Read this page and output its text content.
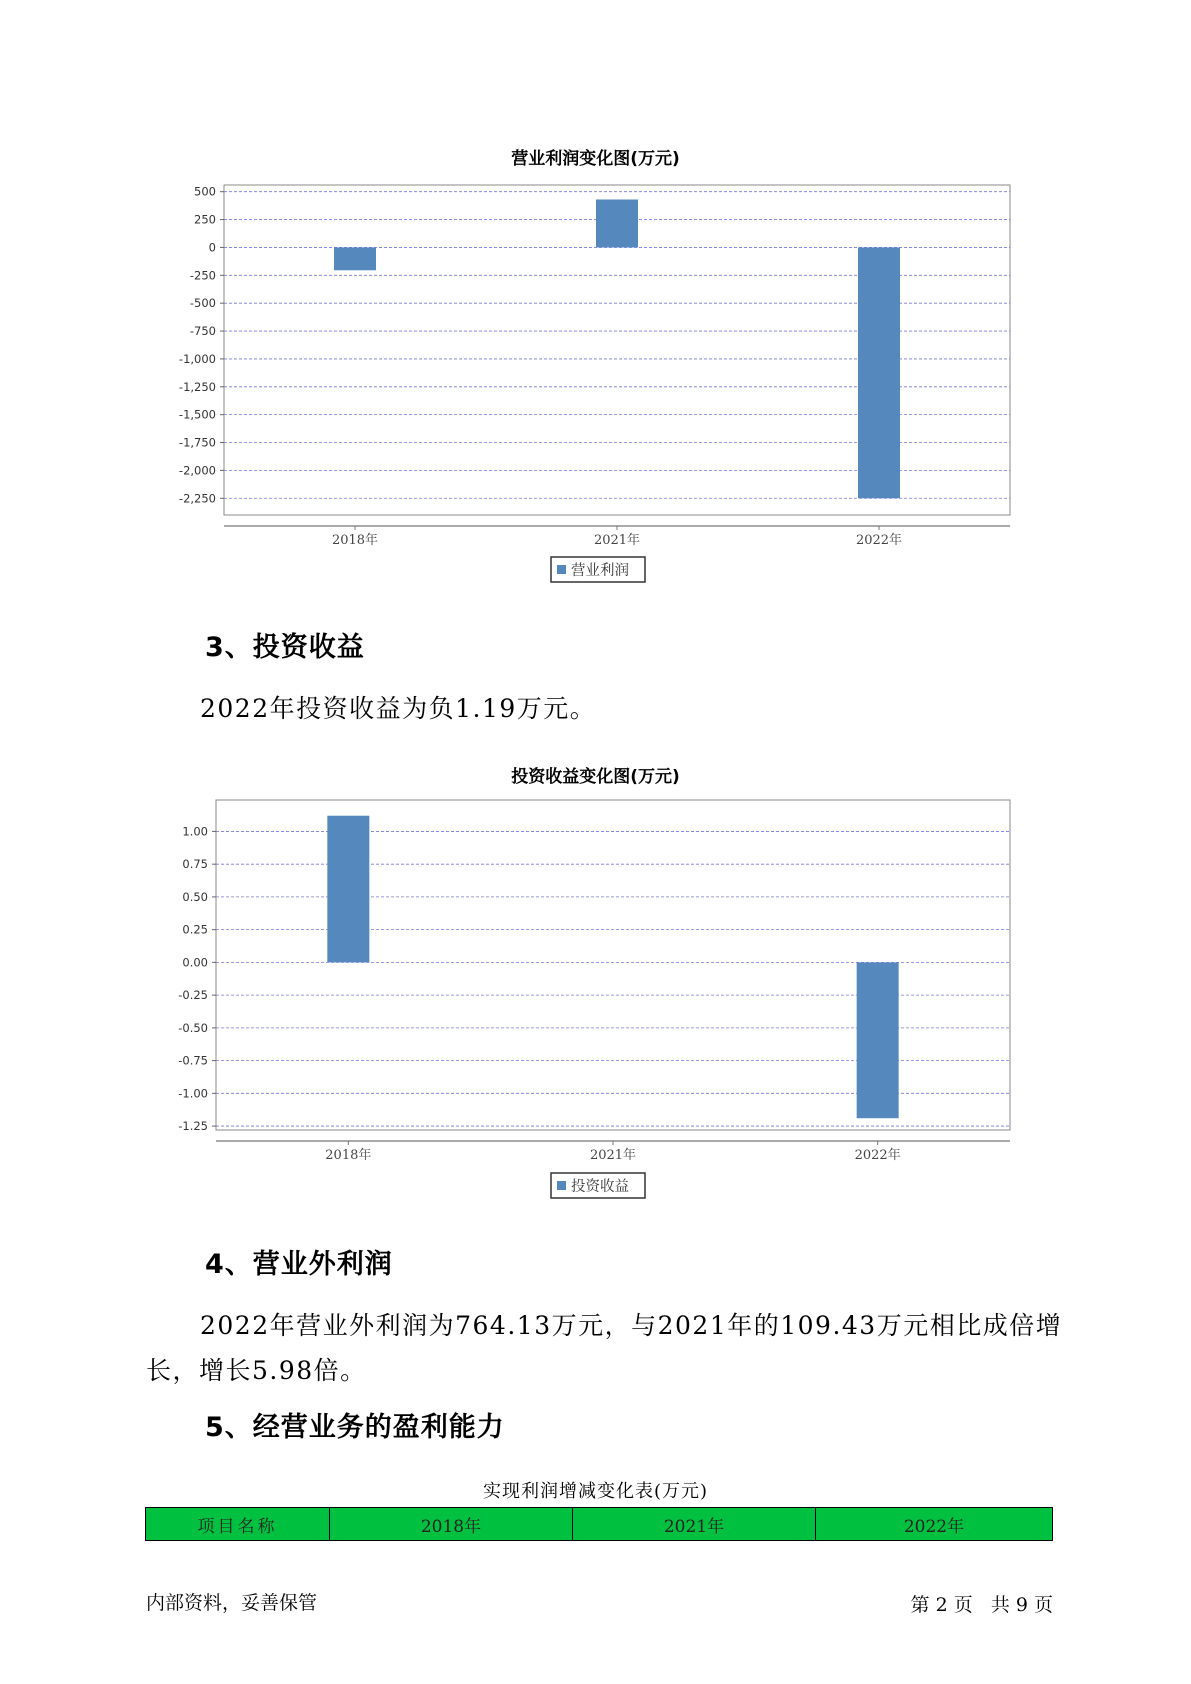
营业利润变化图(万元)
500
250
0
-250
-500
-750
-1,000
-1,250
-1,500
-1,750
-2,000
-2,250
2018年	2021年	2022年
营业利润
3、投资收益
2022年投资收益为负1.19万元。
投资收益变化图(万元)
1.00
0.75
0.50
0.25
0.00
-0.25
-0.50
-0.75
-1.00
-1.25
2018年	2021年	2022年
投资收益
4、营业外利润
2022年营业外利润为764.13万元，与2021年的109.43万元相比成倍增
长，增长5.98倍。
5、经营业务的盈利能力
实现利润增减变化表(万元)
项目名称	2018年	2021年	2022年
内部资料，妥善保管	第 2 页   共 9 页
